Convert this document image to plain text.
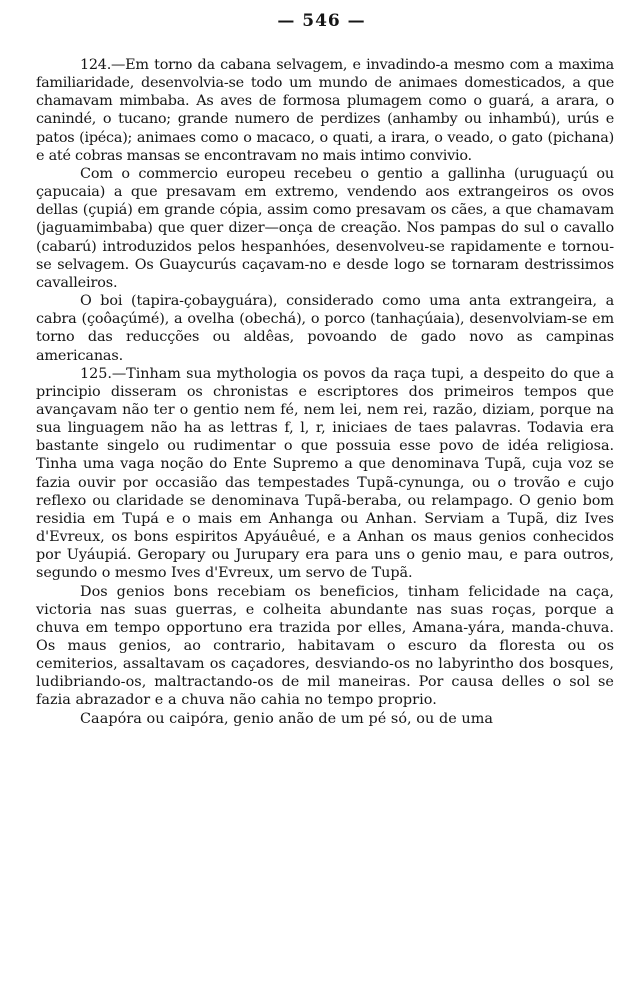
— 546 —

124.—Em torno da cabana selvagem, e invadindo-a mesmo com a maxima familiaridade, desenvolvia-se todo um mundo de animaes domesticados, a que chamavam mimbaba. As aves de formosa plumagem como o guará, a arara, o canindé, o tucano; grande numero de perdizes (anhamby ou inhambú), urús e patos (ipéca); animaes como o macaco, o quati, a irara, o veado, o gato (pichana) e até cobras mansas se encontravam no mais intimo convivio.

Com o commercio europeu recebeu o gentio a gallinha (uruguaçú ou çapucaia) a que presavam em extremo, vendendo aos extrangeiros os ovos dellas (çupiá) em grande cópia, assim como presavam os cães, a que chamavam (jaguamimbaba) que quer dizer—onça de creação. Nos pampas do sul o cavallo (cabarú) introduzidos pelos hespanhóes, desenvolveu-se rapidamente e tornou-se selvagem. Os Guaycurús caçavam-no e desde logo se tornaram destrissimos cavalleiros.

O boi (tapira-çobayguára), considerado como uma anta extrangeira, a cabra (çoôaçúmé), a ovelha (obechá), o porco (tanhaçúaia), desenvolviam-se em torno das reducções ou aldêas, povoando de gado novo as campinas americanas.

125.—Tinham sua mythologia os povos da raça tupi, a despeito do que a principio disseram os chronistas e escriptores dos primeiros tempos que avançavam não ter o gentio nem fé, nem lei, nem rei, razão, diziam, porque na sua linguagem não ha as lettras f, l, r, iniciaes de taes palavras. Todavia era bastante singelo ou rudimentar o que possuia esse povo de idéa religiosa. Tinha uma vaga noção do Ente Supremo a que denominava Tupã, cuja voz se fazia ouvir por occasião das tempestades Tupã-cynunga, ou o trovão e cujo reflexo ou claridade se denominava Tupã-beraba, ou relampago. O genio bom residia em Tupá e o mais em Anhanga ou Anhan. Serviam a Tupã, diz Ives d'Evreux, os bons espiritos Apyáuêué, e a Anhan os maus genios conhecidos por Uyáupiá. Geropary ou Jurupary era para uns o genio mau, e para outros, segundo o mesmo Ives d'Evreux, um servo de Tupã.

Dos genios bons recebiam os beneficios, tinham felicidade na caça, victoria nas suas guerras, e colheita abundante nas suas roças, porque a chuva em tempo opportuno era trazida por elles, Amana-yára, manda-chuva. Os maus genios, ao contrario, habitavam o escuro da floresta ou os cemiterios, assaltavam os caçadores, desviando-os no labyrintho dos bosques, ludibriando-os, maltractando-os de mil maneiras. Por causa delles o sol se fazia abrazador e a chuva não cahia no tempo proprio.

Caapóra ou caipóra, genio anão de um pé só, ou de uma
